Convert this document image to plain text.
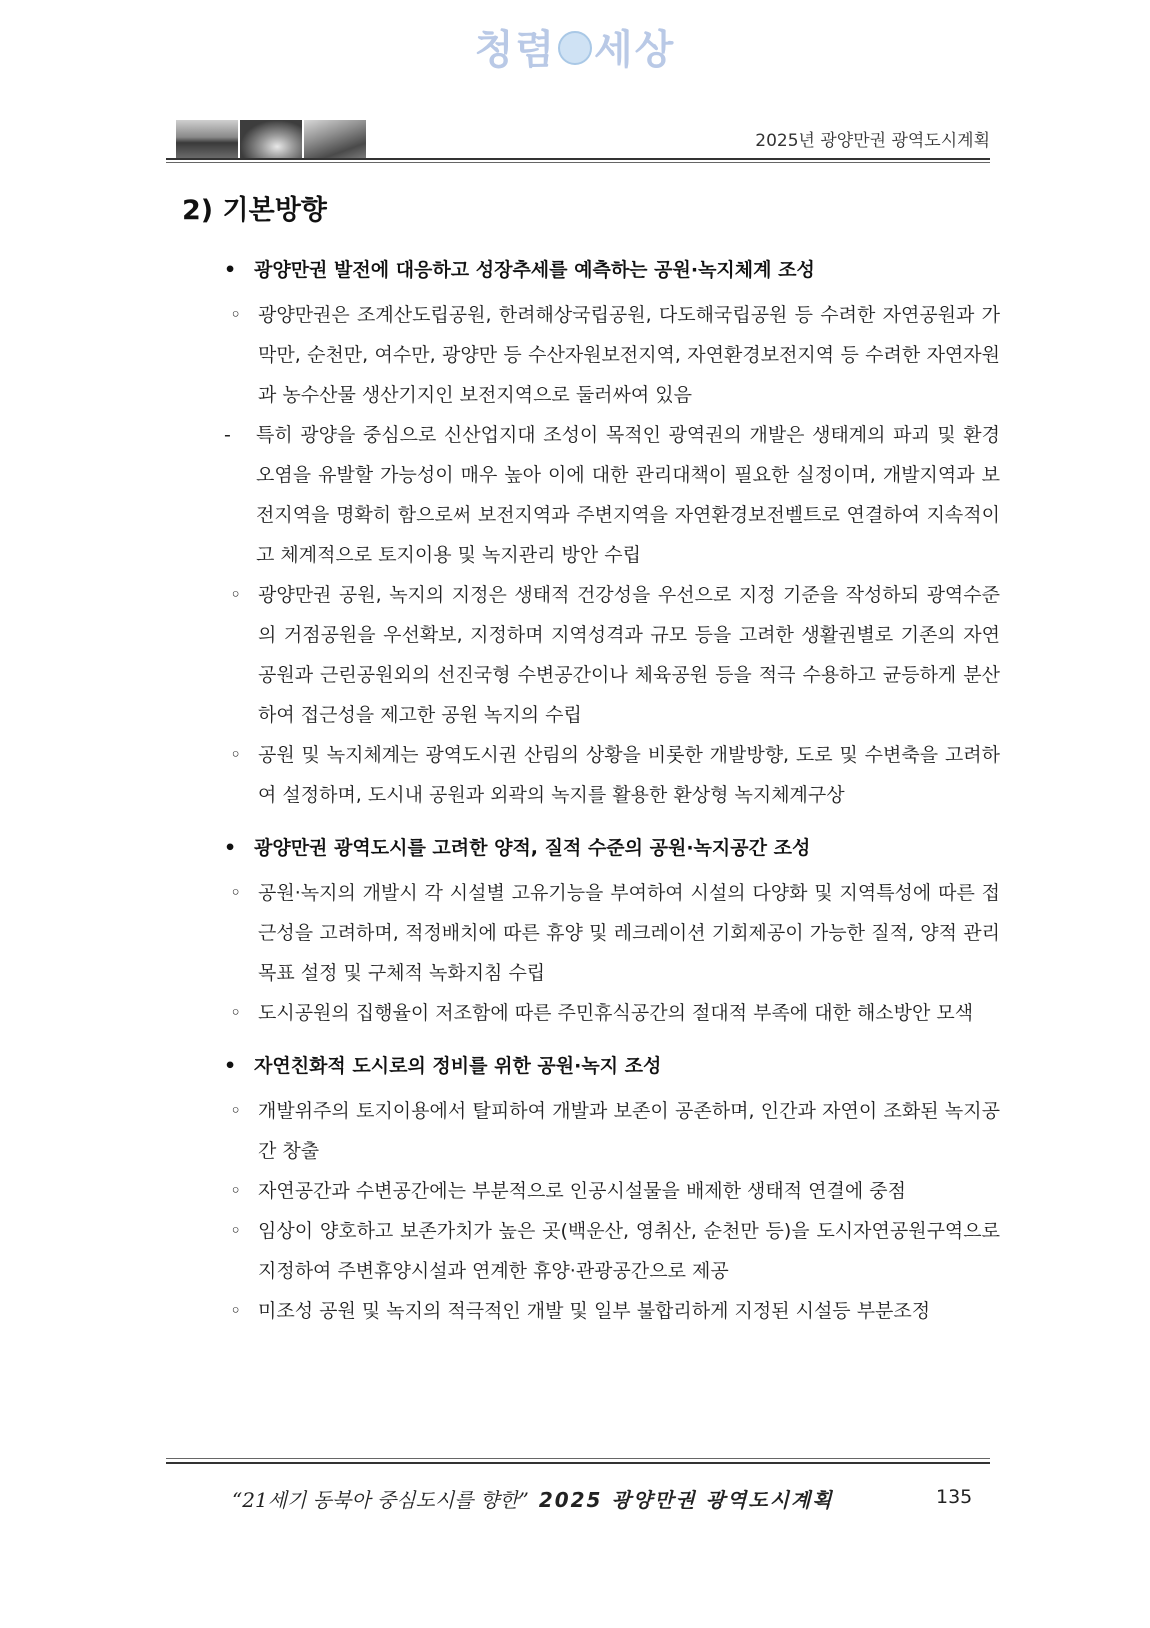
청렴 세상
2025년 광양만권 광역도시계획
2) 기본방향
• 광양만권 발전에 대응하고 성장추세를 예측하는 공원·녹지체계 조성
◦ 광양만권은 조계산도립공원, 한려해상국립공원, 다도해국립공원 등 수려한 자연공원과 가막만, 순천만, 여수만, 광양만 등 수산자원보전지역, 자연환경보전지역 등 수려한 자연자원과 농수산물 생산기지인 보전지역으로 둘러싸여 있음
- 특히 광양을 중심으로 신산업지대 조성이 목적인 광역권의 개발은 생태계의 파괴 및 환경오염을 유발할 가능성이 매우 높아 이에 대한 관리대책이 필요한 실정이며, 개발지역과 보전지역을 명확히 함으로써 보전지역과 주변지역을 자연환경보전벨트로 연결하여 지속적이고 체계적으로 토지이용 및 녹지관리 방안 수립
◦ 광양만권 공원, 녹지의 지정은 생태적 건강성을 우선으로 지정 기준을 작성하되 광역수준의 거점공원을 우선확보, 지정하며 지역성격과 규모 등을 고려한 생활권별로 기존의 자연공원과 근린공원외의 선진국형 수변공간이나 체육공원 등을 적극 수용하고 균등하게 분산하여 접근성을 제고한 공원 녹지의 수립
◦ 공원 및 녹지체계는 광역도시권 산림의 상황을 비롯한 개발방향, 도로 및 수변축을 고려하여 설정하며, 도시내 공원과 외곽의 녹지를 활용한 환상형 녹지체계구상
• 광양만권 광역도시를 고려한 양적, 질적 수준의 공원·녹지공간 조성
◦ 공원·녹지의 개발시 각 시설별 고유기능을 부여하여 시설의 다양화 및 지역특성에 따른 접근성을 고려하며, 적정배치에 따른 휴양 및 레크레이션 기회제공이 가능한 질적, 양적 관리목표 설정 및 구체적 녹화지침 수립
◦ 도시공원의 집행율이 저조함에 따른 주민휴식공간의 절대적 부족에 대한 해소방안 모색
• 자연친화적 도시로의 정비를 위한 공원·녹지 조성
◦ 개발위주의 토지이용에서 탈피하여 개발과 보존이 공존하며, 인간과 자연이 조화된 녹지공간 창출
◦ 자연공간과 수변공간에는 부분적으로 인공시설물을 배제한 생태적 연결에 중점
◦ 임상이 양호하고 보존가치가 높은 곳(백운산, 영취산, 순천만 등)을 도시자연공원구역으로 지정하여 주변휴양시설과 연계한 휴양·관광공간으로 제공
◦ 미조성 공원 및 녹지의 적극적인 개발 및 일부 불합리하게 지정된 시설등 부분조정
“21세기 동북아 중심도시를 향한” 2025 광양만권 광역도시계획	135
